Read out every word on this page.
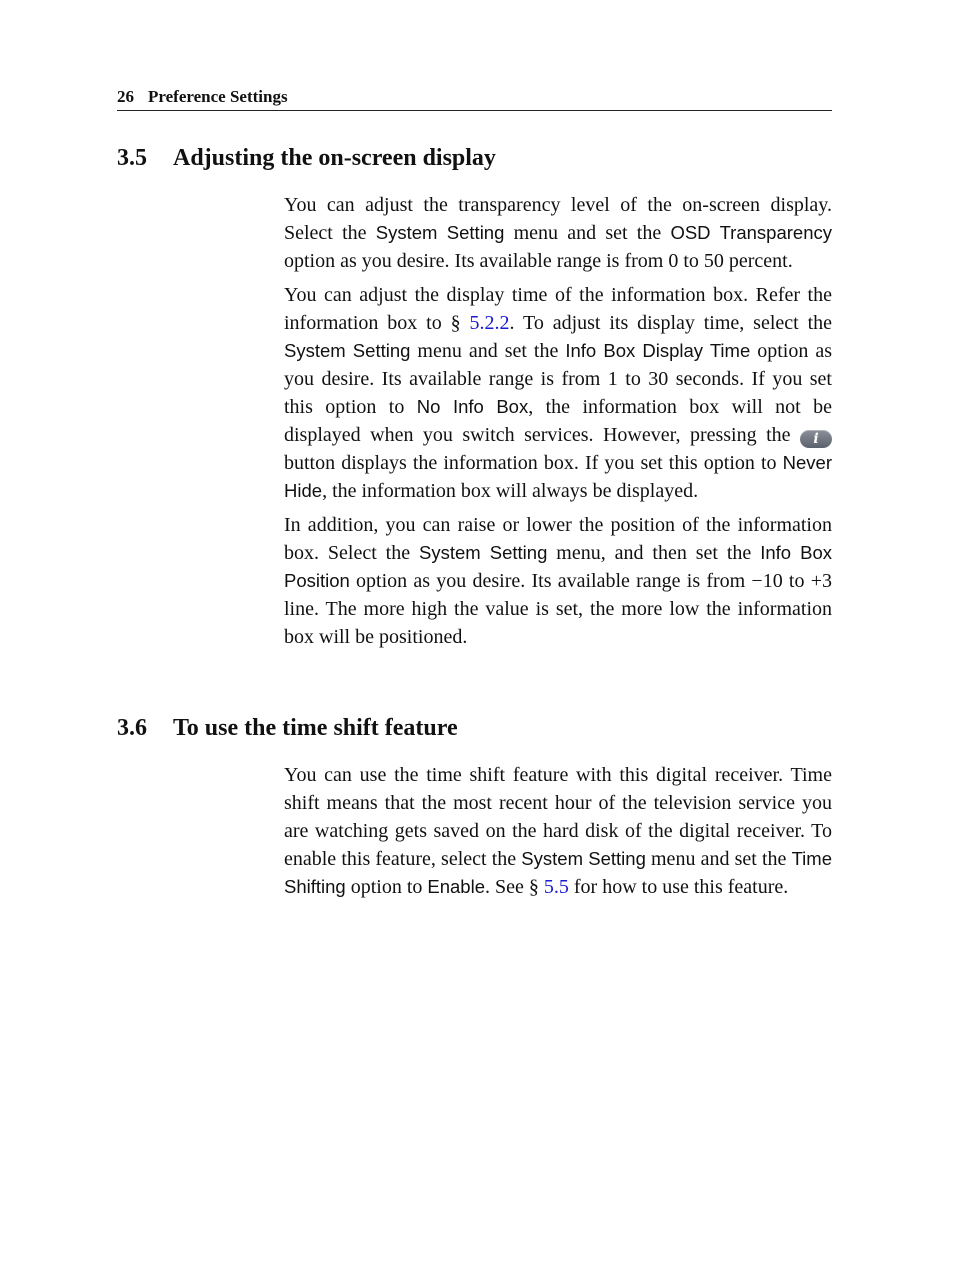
26 Preference Settings
3.5 Adjusting the on-screen display

You can adjust the transparency level of the on-screen display. Select the System Setting menu and set the OSD Transparency option as you desire. Its available range is from 0 to 50 percent.

You can adjust the display time of the information box. Refer the information box to § 5.2.2. To adjust its display time, select the System Setting menu and set the Info Box Display Time option as you desire. Its available range is from 1 to 30 seconds. If you set this option to No Info Box, the information box will not be displayed when you switch services. However, pressing the i button displays the information box. If you set this option to Never Hide, the information box will always be displayed.

In addition, you can raise or lower the position of the information box. Select the System Setting menu, and then set the Info Box Position option as you desire. Its available range is from −10 to +3 line. The more high the value is set, the more low the information box will be positioned.

3.6 To use the time shift feature

You can use the time shift feature with this digital receiver. Time shift means that the most recent hour of the television service you are watching gets saved on the hard disk of the digital receiver. To enable this feature, select the System Setting menu and set the Time Shifting option to Enable. See § 5.5 for how to use this feature.
